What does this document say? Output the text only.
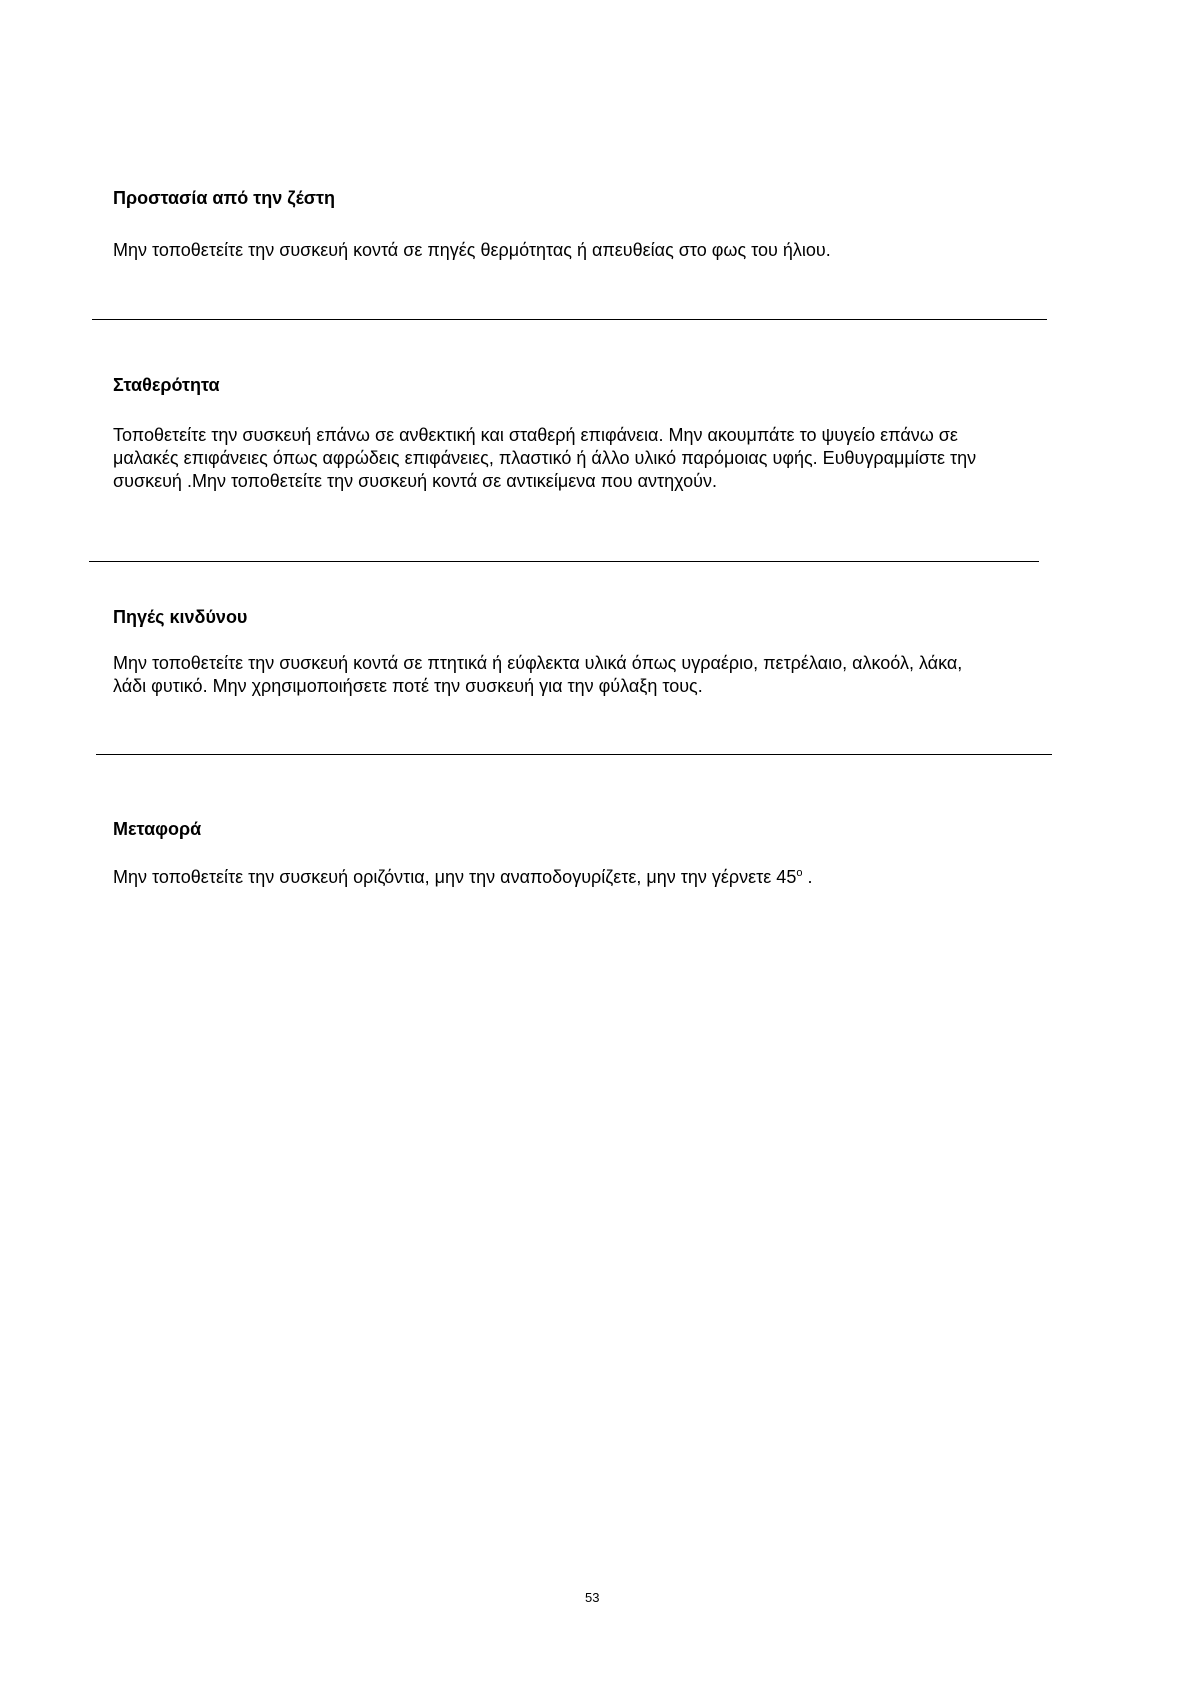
Προστασία από την ζέστη

Μην τοποθετείτε την συσκευή κοντά σε πηγές θερμότητας ή απευθείας στο φως του ήλιου.

Σταθερότητα

Τοποθετείτε την συσκευή επάνω σε ανθεκτική και σταθερή επιφάνεια. Μην ακουμπάτε το ψυγείο επάνω σε
μαλακές επιφάνειες όπως αφρώδεις επιφάνειες, πλαστικό ή άλλο υλικό παρόμοιας υφής. Ευθυγραμμίστε την
συσκευή .Μην τοποθετείτε την συσκευή κοντά σε αντικείμενα που αντηχούν.

Πηγές κινδύνου

Μην τοποθετείτε την συσκευή κοντά σε πτητικά ή εύφλεκτα υλικά όπως υγραέριο, πετρέλαιο, αλκοόλ, λάκα,
λάδι φυτικό. Μην χρησιμοποιήσετε ποτέ την συσκευή για την φύλαξη τους.

Μεταφορά

Μην τοποθετείτε την συσκευή οριζόντια, μην την αναποδογυρίζετε, μην την γέρνετε $45^o$ .

53
